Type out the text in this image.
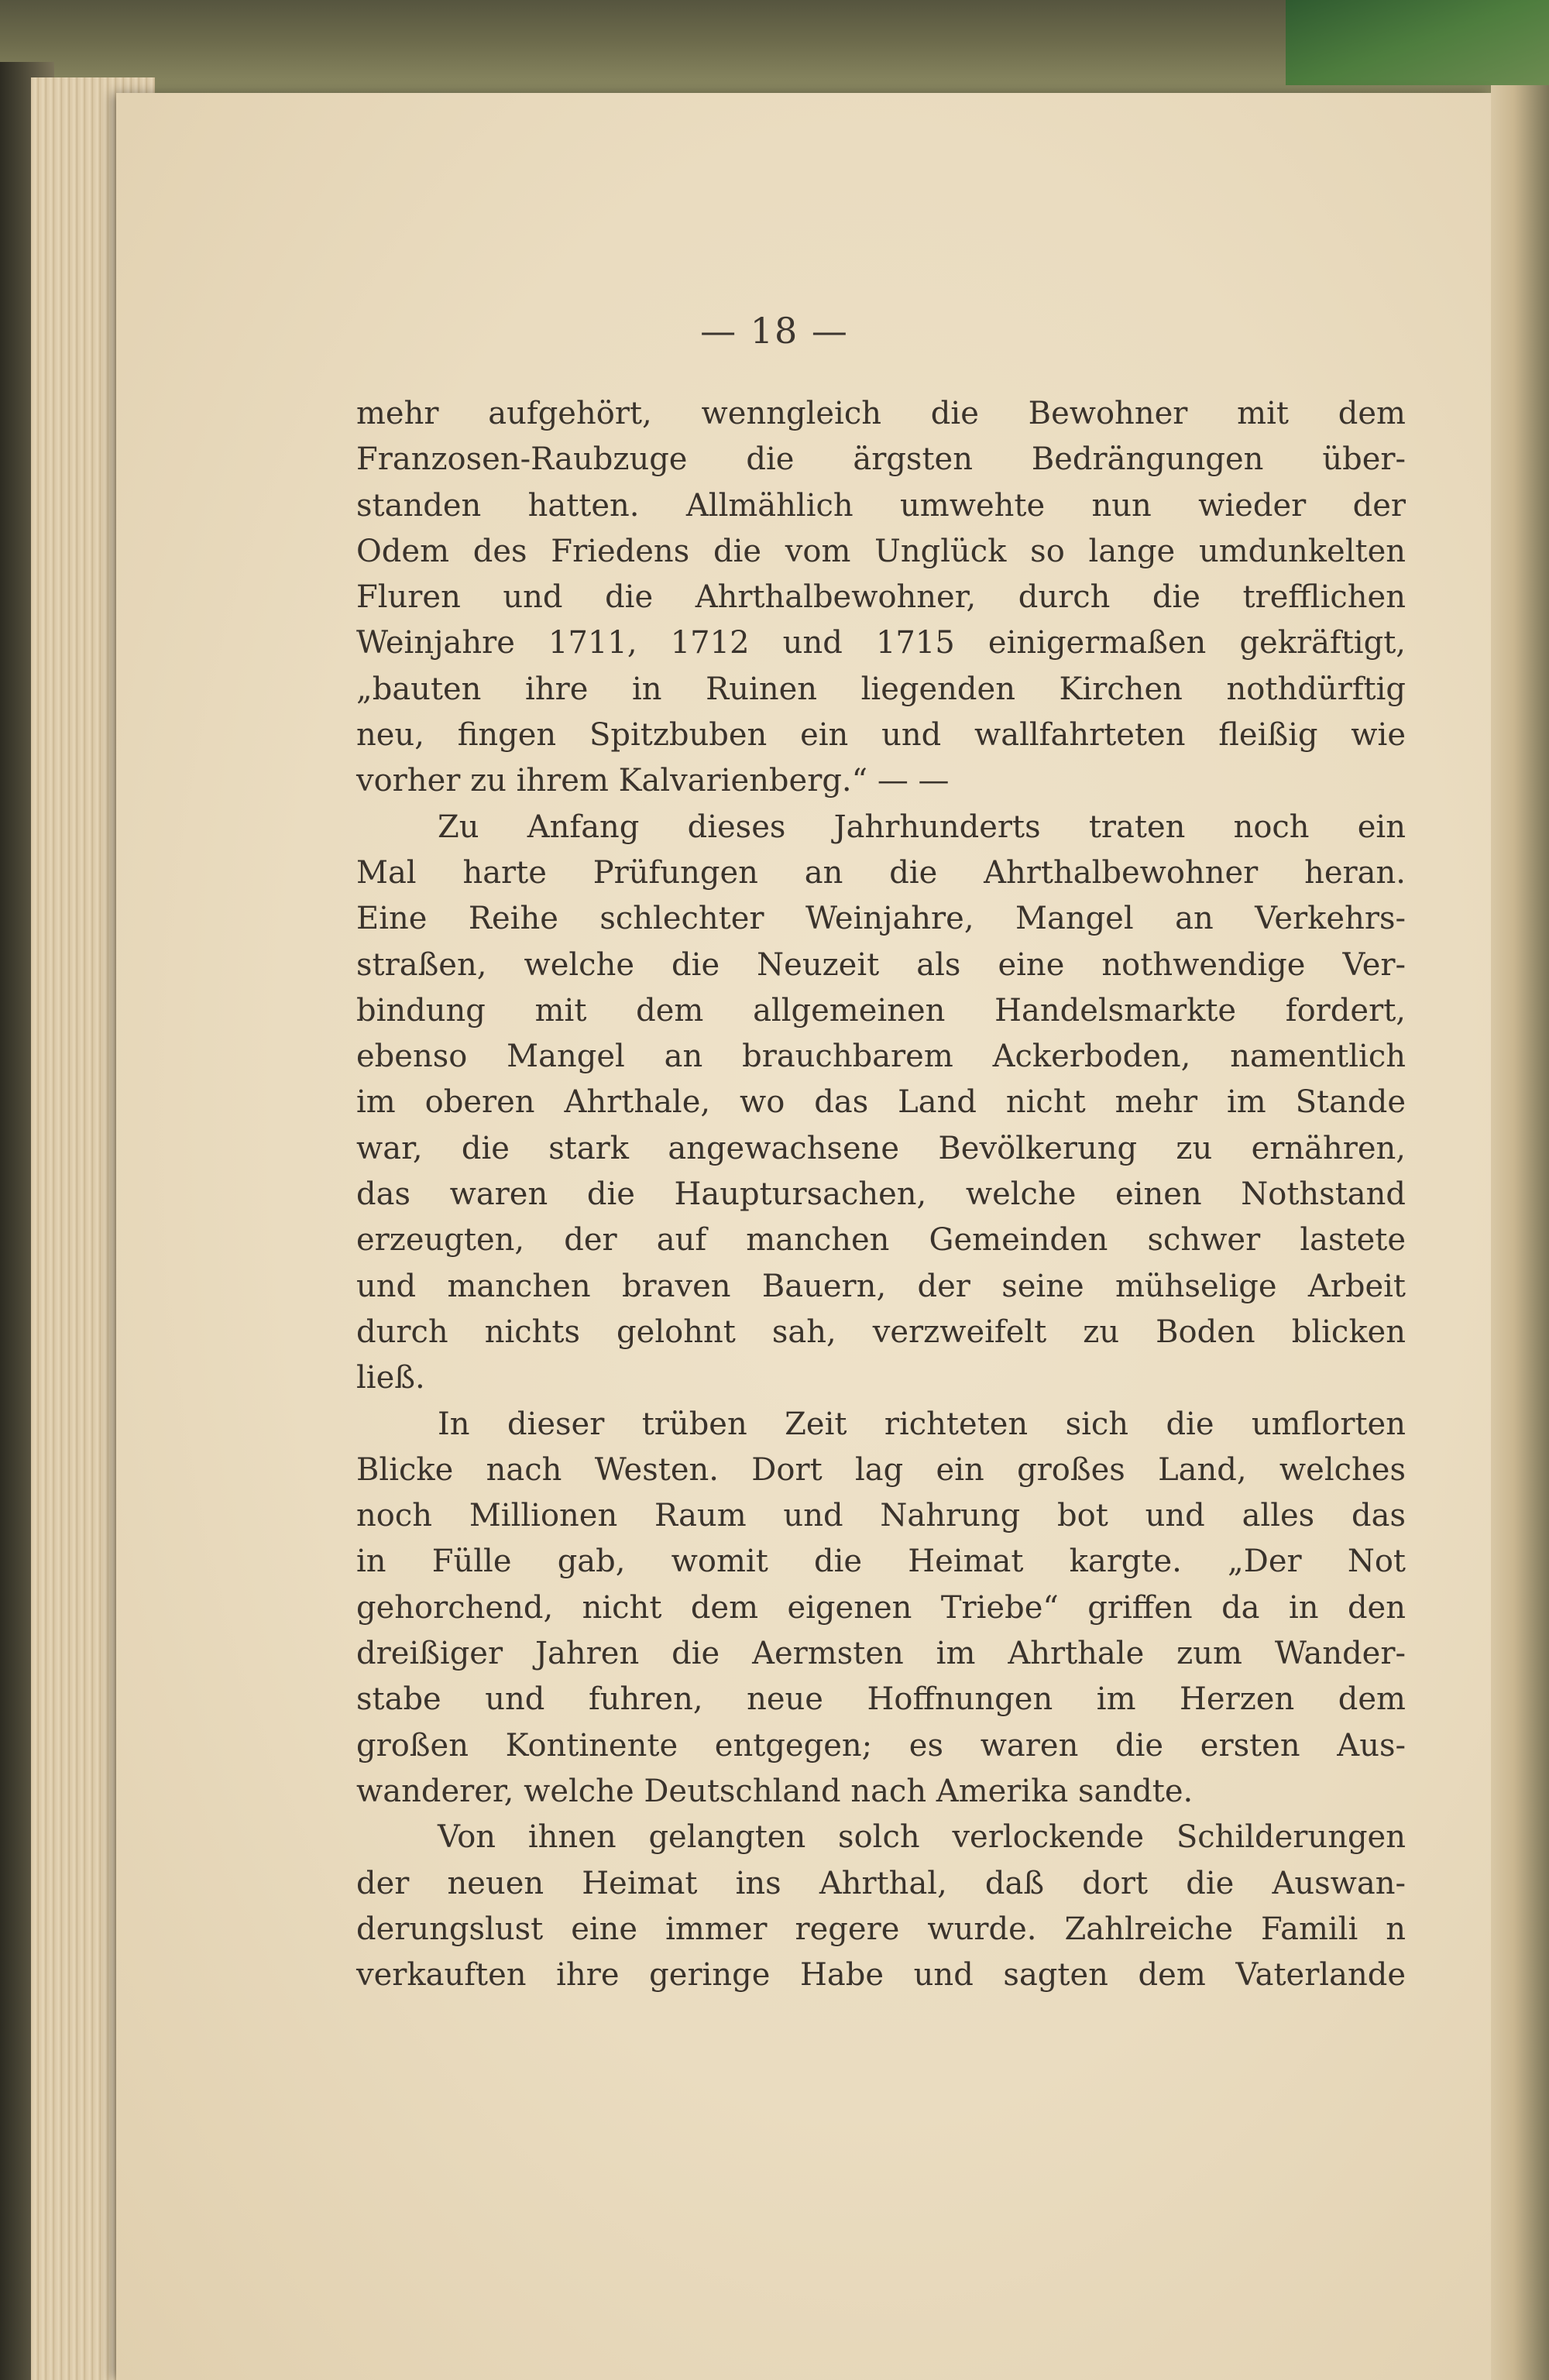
— 18 —
mehr aufgehört, wenngleich die Bewohner mit dem
Franzosen-Raubzuge die ärgsten Bedrängungen über-
standen hatten. Allmählich umwehte nun wieder der
Odem des Friedens die vom Unglück so lange umdunkelten
Fluren und die Ahrthalbewohner, durch die trefflichen
Weinjahre 1711, 1712 und 1715 einigermaßen gekräftigt,
„bauten ihre in Ruinen liegenden Kirchen nothdürftig
neu, fingen Spitzbuben ein und wallfahrteten fleißig wie
vorher zu ihrem Kalvarienberg.“ — —
Zu Anfang dieses Jahrhunderts traten noch ein
Mal harte Prüfungen an die Ahrthalbewohner heran.
Eine Reihe schlechter Weinjahre, Mangel an Verkehrs-
straßen, welche die Neuzeit als eine nothwendige Ver-
bindung mit dem allgemeinen Handelsmarkte fordert,
ebenso Mangel an brauchbarem Ackerboden, namentlich
im oberen Ahrthale, wo das Land nicht mehr im Stande
war, die stark angewachsene Bevölkerung zu ernähren,
das waren die Hauptursachen, welche einen Nothstand
erzeugten, der auf manchen Gemeinden schwer lastete
und manchen braven Bauern, der seine mühselige Arbeit
durch nichts gelohnt sah, verzweifelt zu Boden blicken
ließ.
In dieser trüben Zeit richteten sich die umflorten
Blicke nach Westen. Dort lag ein großes Land, welches
noch Millionen Raum und Nahrung bot und alles das
in Fülle gab, womit die Heimat kargte. „Der Not
gehorchend, nicht dem eigenen Triebe“ griffen da in den
dreißiger Jahren die Aermsten im Ahrthale zum Wander-
stabe und fuhren, neue Hoffnungen im Herzen dem
großen Kontinente entgegen; es waren die ersten Aus-
wanderer, welche Deutschland nach Amerika sandte.
Von ihnen gelangten solch verlockende Schilderungen
der neuen Heimat ins Ahrthal, daß dort die Auswan-
derungslust eine immer regere wurde. Zahlreiche Famili n
verkauften ihre geringe Habe und sagten dem Vaterlande
